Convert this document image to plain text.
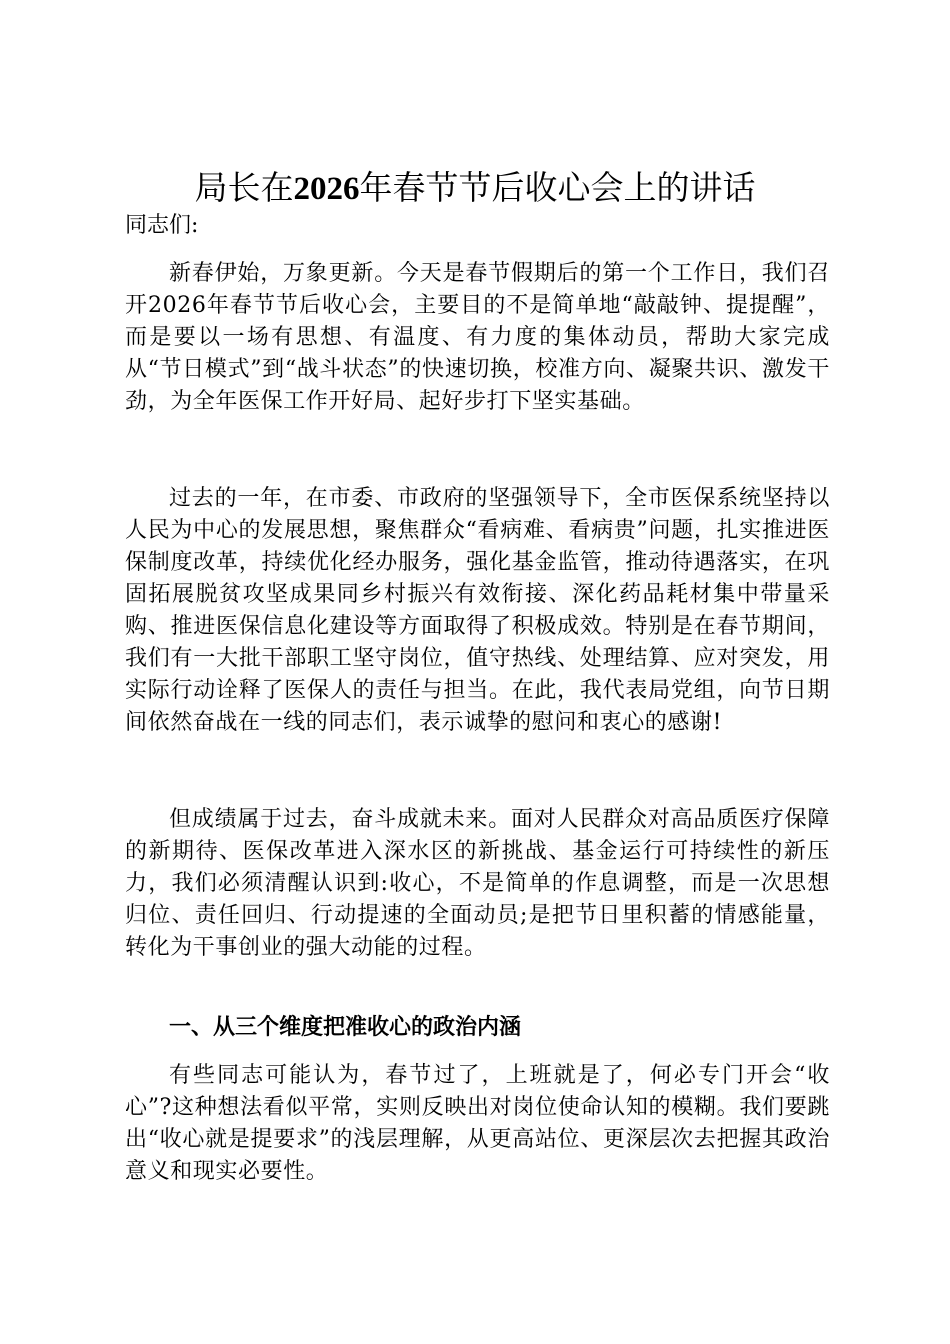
局长在2026年春节节后收心会上的讲话
同志们:
新春伊始，万象更新。今天是春节假期后的第一个工作日，我们召开2026年春节节后收心会，主要目的不是简单地“敲敲钟、提提醒”，而是要以一场有思想、有温度、有力度的集体动员，帮助大家完成从“节日模式”到“战斗状态”的快速切换，校准方向、凝聚共识、激发干劲，为全年医保工作开好局、起好步打下坚实基础。
过去的一年，在市委、市政府的坚强领导下，全市医保系统坚持以人民为中心的发展思想，聚焦群众“看病难、看病贵”问题，扎实推进医保制度改革，持续优化经办服务，强化基金监管，推动待遇落实，在巩固拓展脱贫攻坚成果同乡村振兴有效衔接、深化药品耗材集中带量采购、推进医保信息化建设等方面取得了积极成效。特别是在春节期间，我们有一大批干部职工坚守岗位，值守热线、处理结算、应对突发，用实际行动诠释了医保人的责任与担当。在此，我代表局党组，向节日期间依然奋战在一线的同志们，表示诚挚的慰问和衷心的感谢!
但成绩属于过去，奋斗成就未来。面对人民群众对高品质医疗保障的新期待、医保改革进入深水区的新挑战、基金运行可持续性的新压力，我们必须清醒认识到:收心，不是简单的作息调整，而是一次思想归位、责任回归、行动提速的全面动员;是把节日里积蓄的情感能量，转化为干事创业的强大动能的过程。
一、从三个维度把准收心的政治内涵
有些同志可能认为，春节过了，上班就是了，何必专门开会“收心”?这种想法看似平常，实则反映出对岗位使命认知的模糊。我们要跳出“收心就是提要求”的浅层理解，从更高站位、更深层次去把握其政治意义和现实必要性。
